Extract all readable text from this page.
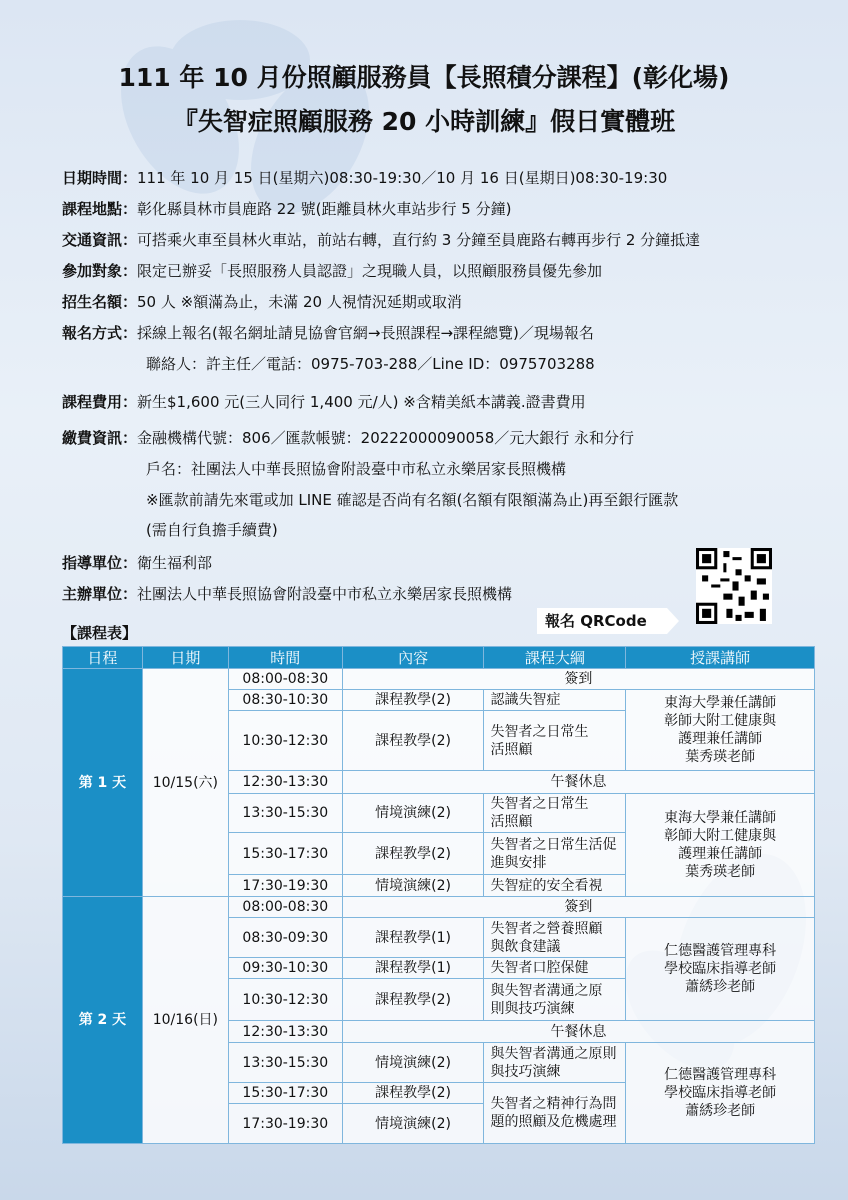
111 年 10 月份照顧服務員【長照積分課程】(彰化場)
『失智症照顧服務 20 小時訓練』假日實體班
日期時間：111 年 10 月 15 日(星期六)08:30-19:30／10 月 16 日(星期日)08:30-19:30
課程地點：彰化縣員林市員鹿路 22 號(距離員林火車站步行 5 分鐘)
交通資訊：可搭乘火車至員林火車站，前站右轉，直行約 3 分鐘至員鹿路右轉再步行 2 分鐘抵達
參加對象：限定已辦妥「長照服務人員認證」之現職人員，以照顧服務員優先參加
招生名額：50 人 ※額滿為止，未滿 20 人視情況延期或取消
報名方式：採線上報名(報名網址請見協會官網→長照課程→課程總覽)／現場報名
聯絡人：許主任／電話：0975-703-288／Line ID：0975703288
課程費用：新生$1,600 元(三人同行 1,400 元/人) ※含精美紙本講義.證書費用
繳費資訊：金融機構代號：806／匯款帳號：20222000090058／元大銀行 永和分行
戶名：社團法人中華長照協會附設臺中市私立永樂居家長照機構
※匯款前請先來電或加 LINE 確認是否尚有名額(名額有限額滿為止)再至銀行匯款
(需自行負擔手續費)
指導單位：衛生福利部
主辦單位：社團法人中華長照協會附設臺中市私立永樂居家長照機構
報名 QRCode
【課程表】
日程	日期	時間	內容	課程大綱	授課講師
第 1 天	10/15(六)	08:00-08:30	簽到		
		08:30-10:30	課程教學(2)	認識失智症	東海大學兼任講師
彰師大附工健康與
護理兼任講師
葉秀瑛老師

		10:30-12:30	課程教學(2)	失智者之日常生活照顧	
		12:30-13:30	午餐休息		
		13:30-15:30	情境演練(2)	失智者之日常生活照顧	東海大學兼任講師
彰師大附工健康與
護理兼任講師
葉秀瑛老師

		15:30-17:30	課程教學(2)	失智者之日常生活促進與安排	
		17:30-19:30	情境演練(2)	失智症的安全看視	
第 2 天	10/16(日)	08:00-08:30	簽到		
		08:30-09:30	課程教學(1)	失智者之營養照顧與飲食建議	仁德醫護管理專科
學校臨床指導老師
蕭綉珍老師

		09:30-10:30	課程教學(1)	失智者口腔保健	
		10:30-12:30	課程教學(2)	與失智者溝通之原則與技巧演練	
		12:30-13:30	午餐休息		
		13:30-15:30	情境演練(2)	與失智者溝通之原則與技巧演練	仁德醫護管理專科
學校臨床指導老師
蕭綉珍老師

		15:30-17:30	課程教學(2)	失智者之精神行為問題的照顧及危機處理	
		17:30-19:30	情境演練(2)		
